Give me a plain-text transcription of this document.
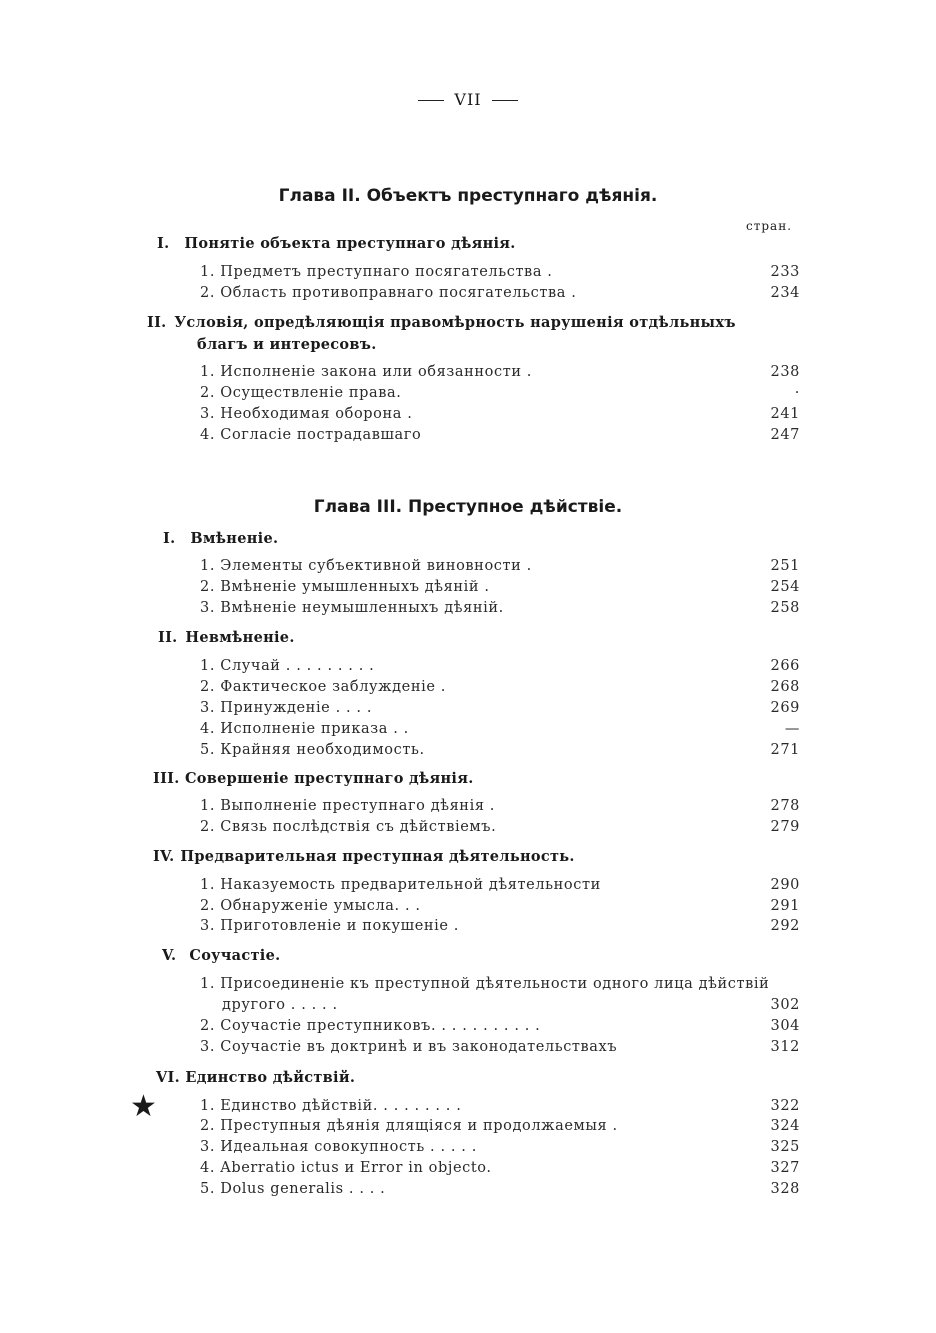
VII
Глава II. Объектъ преступнаго дѣянія.
стран.
I. Понятіе объекта преступнаго дѣянія.
1. Предметъ преступнаго посягательства .	233
2. Область противоправнаго посягательства .	234
II. Условія, опредѣляющія правомѣрность нарушенія отдѣльныхъ
благъ и интересовъ.
1. Исполненіе закона или обязанности .	238
2. Осуществленіе права.	·
3. Необходимая оборона .	241
4. Согласіе пострадавшаго	247
Глава III. Преступное дѣйствіе.
I. Вмѣненіе.
1. Элементы субъективной виновности .	251
2. Вмѣненіе умышленныхъ дѣяній .	254
3. Вмѣненіе неумышленныхъ дѣяній.	258
II. Невмѣненіе.
1. Случай . . . . . . . . .	266
2. Фактическое заблужденіе .	268
3. Принужденіе . . . .	269
4. Исполненіе приказа . .	—
5. Крайняя необходимость.	271
III. Совершеніе преступнаго дѣянія.
1. Выполненіе преступнаго дѣянія .	278
2. Связь послѣдствія съ дѣйствіемъ.	279
IV. Предварительная преступная дѣятельность.
1. Наказуемость предварительной дѣятельности	290
2. Обнаруженіе умысла. . .	291
3. Приготовленіе и покушеніе .	292
V. Соучастіе.
1. Присоединеніе къ преступной дѣятельности одного лица дѣйствій
другого . . . . .	302
2. Соучастіе преступниковъ. . . . . . . . . . .	304
3. Соучастіе въ доктринѣ и въ законодательствахъ	312
VI. Единство дѣйствій.
★	1. Единство дѣйствій. . . . . . . . .	322
2. Преступныя дѣянія длящіяся и продолжаемыя .	324
3. Идеальная совокупность . . . . .	325
4. Aberratio ictus и Error in objecto.	327
5. Dolus generalis . . . .	328
